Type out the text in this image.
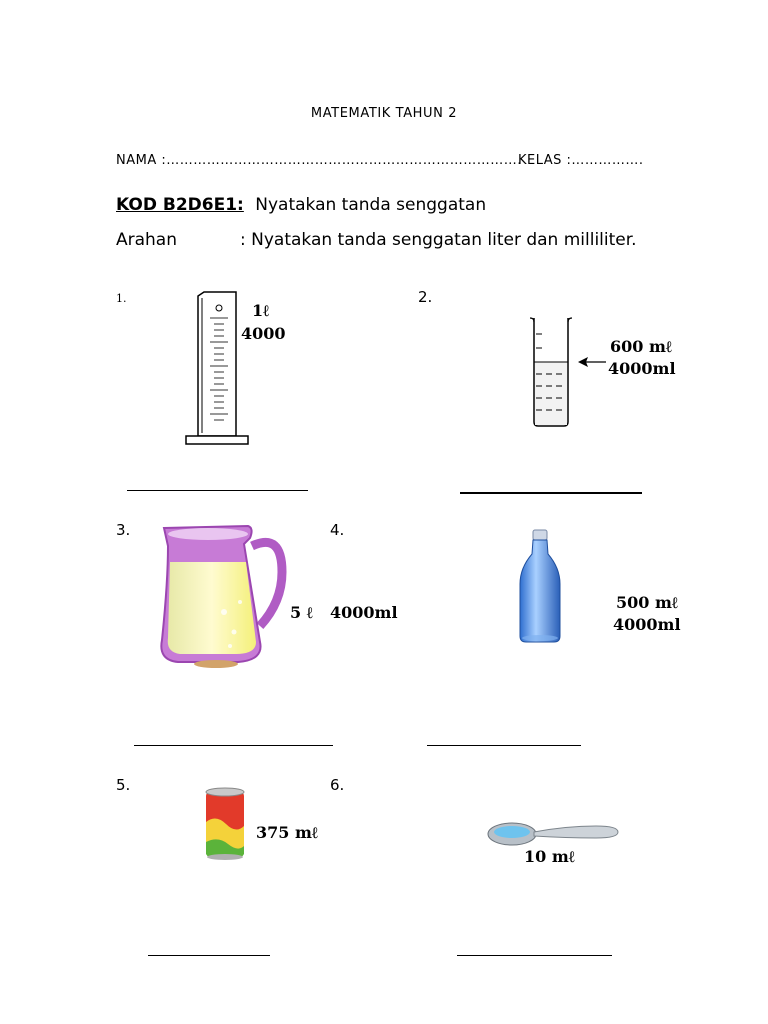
MATEMATIK TAHUN 2
NAMA :…………………………………………………………………….
KELAS :…………….
KOD B2D6E1: Nyatakan tanda senggatan
Arahan	: Nyatakan tanda senggatan liter dan milliliter.
1.
1ℓ
4000
2.
600 mℓ
4000ml
3.
5 ℓ 4000ml
4.
500 mℓ
4000ml
5.
375 mℓ
6.
10 mℓ
